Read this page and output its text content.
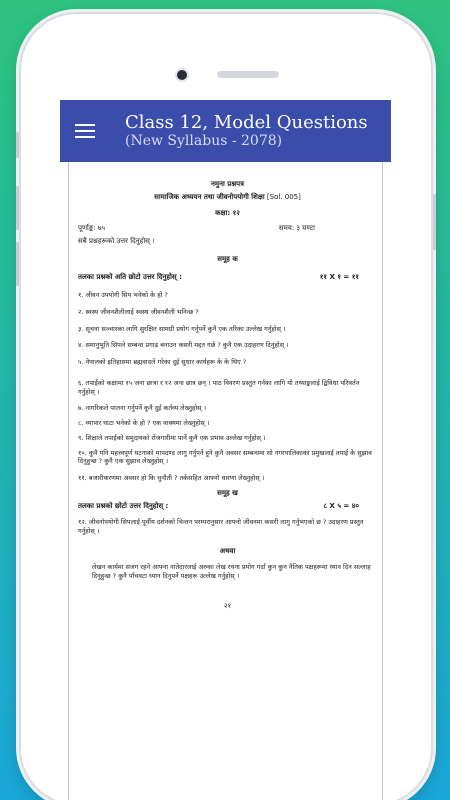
Class 12, Model Questions
(New Syllabus - 2078)
नमुना प्रश्नपत्र
सामाजिक अध्ययन तथा जीवनोपयोगी शिक्षा [Sol. 005]
कक्षा: १२
पूर्णाङ्क: ७५	समय: ३ घण्टा
सबै प्रश्नहरूको उत्तर दिनुहोस् ।
समूह क
तलका प्रश्नको अति छोटो उत्तर दिनुहोस् :	११ X १ = ११
१. जीवन उपयोगी सिप भनेको के हो ?
२. स्वस्थ जीवनशैलीलाई स्वस्थ जीवनशैली भनिन्छ ?
३. सूचना सञ्चारका लागि सुरक्षित सामग्री प्रयोग गर्नुपर्ने कुनै एक तरिका उल्लेख गर्नुहोस् ।
४. समानुभूति सिपले सम्बन्ध प्रगाढ बनाउन कसरी मद्दत गर्छ ? कुनै एक उदाहरण दिनुहोस् ।
५. नेपालको इतिहासमा ब्रह्मवादले गरेका दुई सुधार कार्यहरू के के थिए ?
६. तपाईंको कक्षामा १५ जना छात्रा र १२ जना छात्र छन् । पाठ विवरण प्रस्तुत गर्नका लागि यो तथ्याङ्कलाई द्विविधा परिवर्तन गर्नुहोस् ।
७. नागरिकले पालना गर्नुपर्ने कुनै दुई कर्तव्य लेख्नुहोस् ।
८. व्यापार घाटा भनेको के हो ? एक वाक्यमा लेख्नुहोस् ।
९. शिक्षाले तपाईंको समुदायको रोजगारीमा पार्ने कुनै एक प्रभाव उल्लेख गर्नुहोस् ।
१०. कुनै पनि महत्त्वपूर्ण घटनाको मापदण्ड लागु गर्नुपर्ने हुने कुनै अवसर सम्बन्धमा सो नगरपालिकाका प्रमुखलाई तपाईं के सुझाव दिनुहुन्छ ? कुनै एक सुझाव लेख्नुहोस् ।
११. बजारीकरणमा अवसर हो कि चुनौती ? तर्कसहित आफ्नो धारणा लेख्नुहोस् ।
समूह ख
तलका प्रश्नको छोटो उत्तर दिनुहोस् :	८ X ५ = ४०
१२. जीवनोपयोगी सिपलाई पूर्वीय दर्शनको चिन्तन परम्परानुसार आफ्नो जीवनमा कसरी लागु गर्नुभएको छ ? उदाहरण प्रस्तुत गर्नुहोस् ।
अथवा
लेखन कार्यमा सजग रहने आफ्ना नातेदारलाई अरुका लेख रचना प्रयोग गर्दा कुन कुन नैतिक पक्षहरूमा ध्यान दिन सल्लाह दिनुहुन्छ ? कुनै पाँचवटा ध्यान दिनुपर्ने पक्षहरू उल्लेख गर्नुहोस् ।
२१
